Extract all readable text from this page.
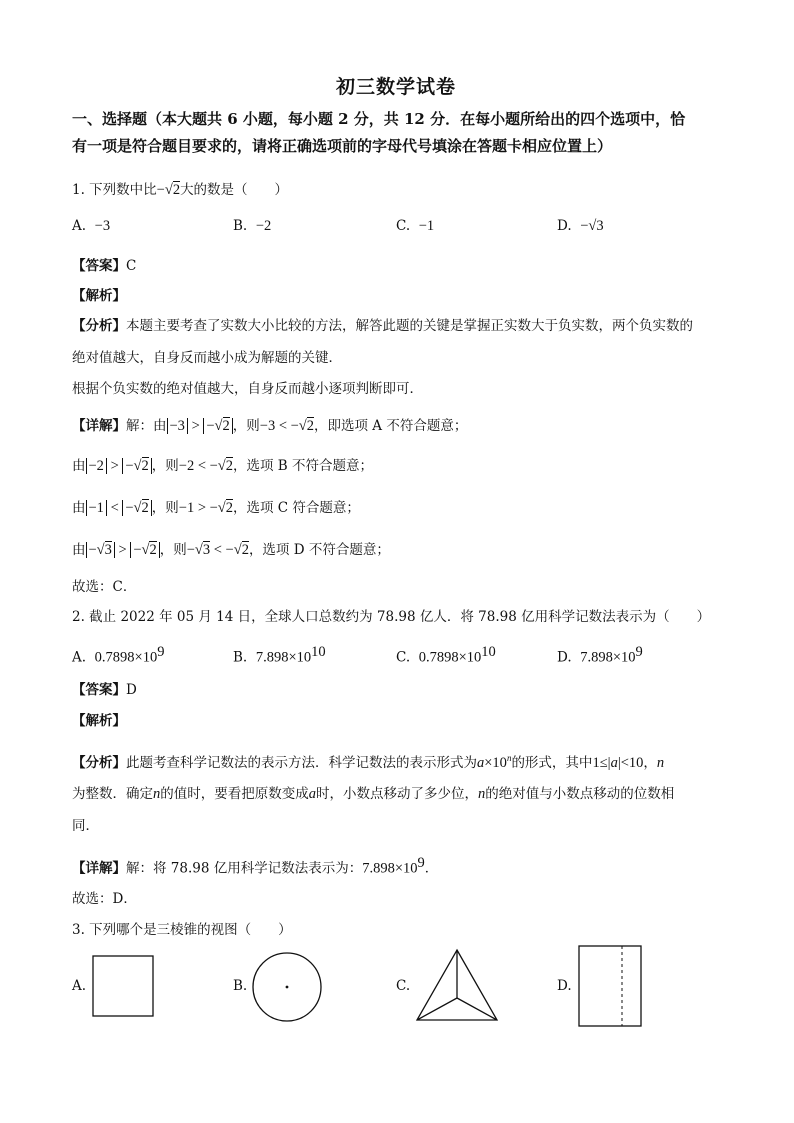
初三数学试卷
一、选择题（本大题共 6 小题，每小题 2 分，共 12 分．在每小题所给出的四个选项中，恰
有一项是符合题目要求的，请将正确选项前的字母代号填涂在答题卡相应位置上）
1. 下列数中比−√2大的数是（　　）
A. −3	B. −2	C. −1	D. −√3
【答案】C
【解析】
【分析】本题主要考查了实数大小比较的方法，解答此题的关键是掌握正实数大于负实数，两个负实数的
绝对值越大，自身反而越小成为解题的关键．
根据个负实数的绝对值越大，自身反而越小逐项判断即可．
【详解】解：由 −3 > −√2 ，则−3 < −√2，即选项 A 不符合题意；
由 −2 > −√2 ，则−2 < −√2，选项 B 不符合题意；
由 −1 < −√2 ，则−1 > −√2，选项 C 符合题意；
由 −√3 > −√2 ，则−√3 < −√2，选项 D 不符合题意；
故选：C．
2. 截止 2022 年 05 月 14 日，全球人口总数约为 78.98 亿人．将 78.98 亿用科学记数法表示为（　　）
A. $0.7898\times 10^9$	B. $7.898\times 10^{10}$	C. $0.7898\times 10^{10}$	D. $7.898\times 10^9$
【答案】D
【解析】
【分析】此题考查科学记数法的表示方法．科学记数法的表示形式为$a\times 10^n$的形式，其中1≤|a|<10，n
为整数．确定n的值时，要看把原数变成a时，小数点移动了多少位，n的绝对值与小数点移动的位数相
同．
【详解】解：将 78.98 亿用科学记数法表示为：$7.898\times 10^9$．
故选：D．
3. 下列哪个是三棱锥的视图（　　）
A.	B.	C.	D.
